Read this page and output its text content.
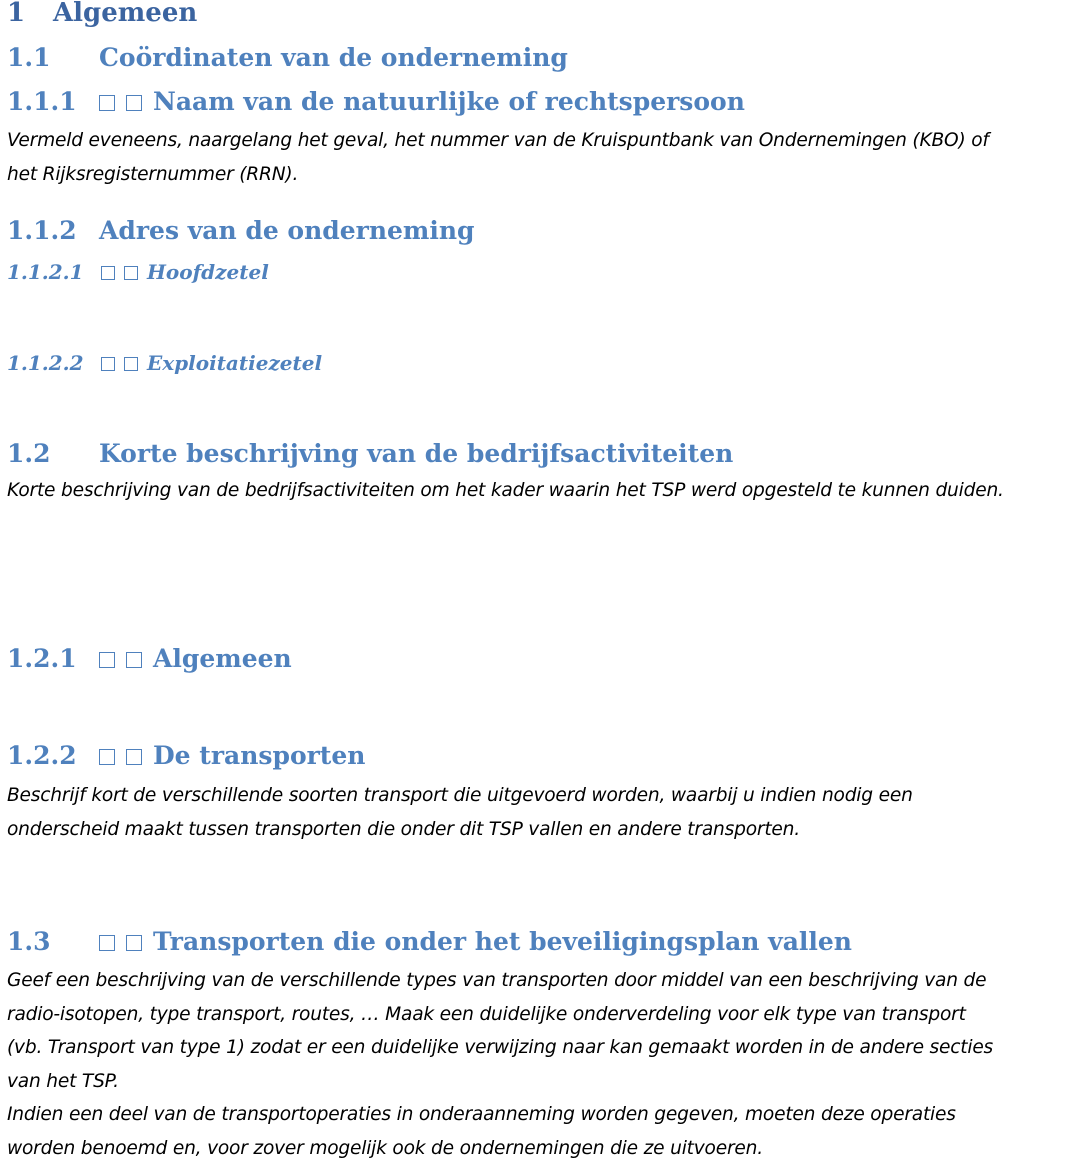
1 Algemeen
1.1 Coördinaten van de onderneming
1.1.1	Naam van de natuurlijke of rechtspersoon

Vermeld eveneens, naargelang het geval, het nummer van de Kruispuntbank van Ondernemingen (KBO) of
het Rijksregisternummer (RRN).

1.1.2 Adres van de onderneming
1.1.2.1	Hoofdzetel
1.1.2.2	Exploitatiezetel
1.2 Korte beschrijving van de bedrijfsactiviteiten

Korte beschrijving van de bedrijfsactiviteiten om het kader waarin het TSP werd opgesteld te kunnen duiden.

1.2.1	Algemeen
1.2.2	De transporten

Beschrijf kort de verschillende soorten transport die uitgevoerd worden, waarbij u indien nodig een
onderscheid maakt tussen transporten die onder dit TSP vallen en andere transporten.

1.3	Transporten die onder het beveiligingsplan vallen

Geef een beschrijving van de verschillende types van transporten door middel van een beschrijving van de
radio-isotopen, type transport, routes, … Maak een duidelijke onderverdeling voor elk type van transport
(vb. Transport van type 1) zodat er een duidelijke verwijzing naar kan gemaakt worden in de andere secties
van het TSP.
Indien een deel van de transportoperaties in onderaanneming worden gegeven, moeten deze operaties
worden benoemd en, voor zover mogelijk ook de ondernemingen die ze uitvoeren.
